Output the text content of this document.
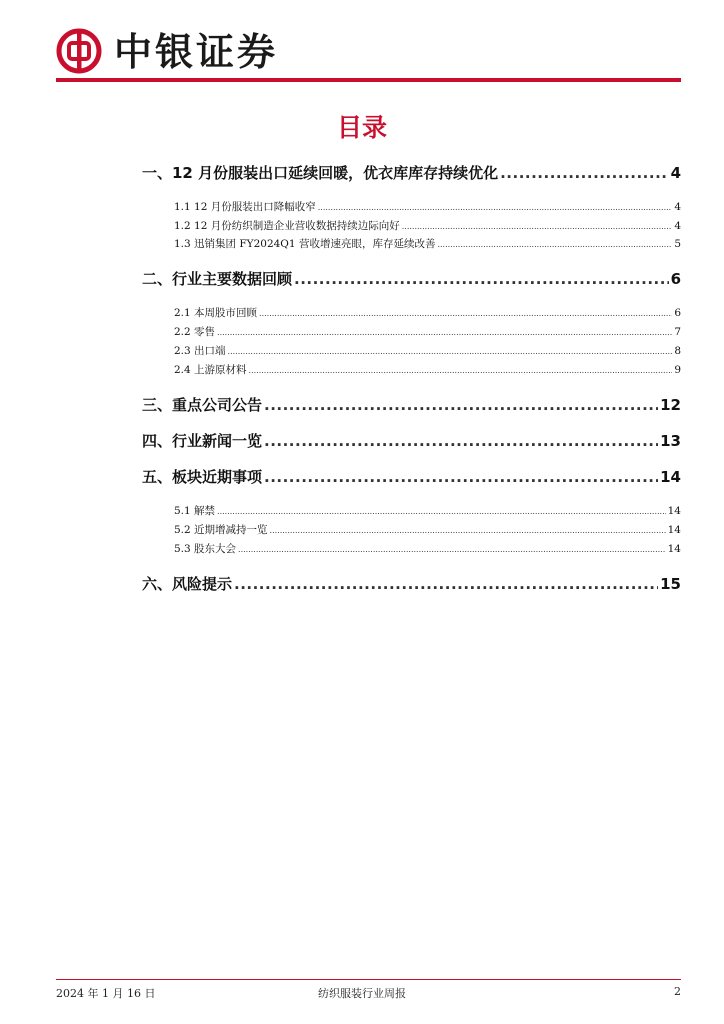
中银证券
目录
一、12 月份服装出口延续回暖，优衣库库存持续优化 .....	4
1.1 12 月份服装出口降幅收窄 .....	4
1.2 12 月份纺织制造企业营收数据持续边际向好 .....	4
1.3 迅销集团 FY2024Q1 营收增速亮眼，库存延续改善 .....	5
二、行业主要数据回顾 .....	6
2.1 本周股市回顾 .....	6
2.2 零售 .....	7
2.3 出口端 .....	8
2.4 上游原材料 .....	9
三、重点公司公告 .....	12
四、行业新闻一览 .....	13
五、板块近期事项 .....	14
5.1 解禁 .....	14
5.2 近期增减持一览 .....	14
5.3 股东大会 .....	14
六、风险提示 .....	15
2024 年 1 月 16 日	纺织服装行业周报	2
